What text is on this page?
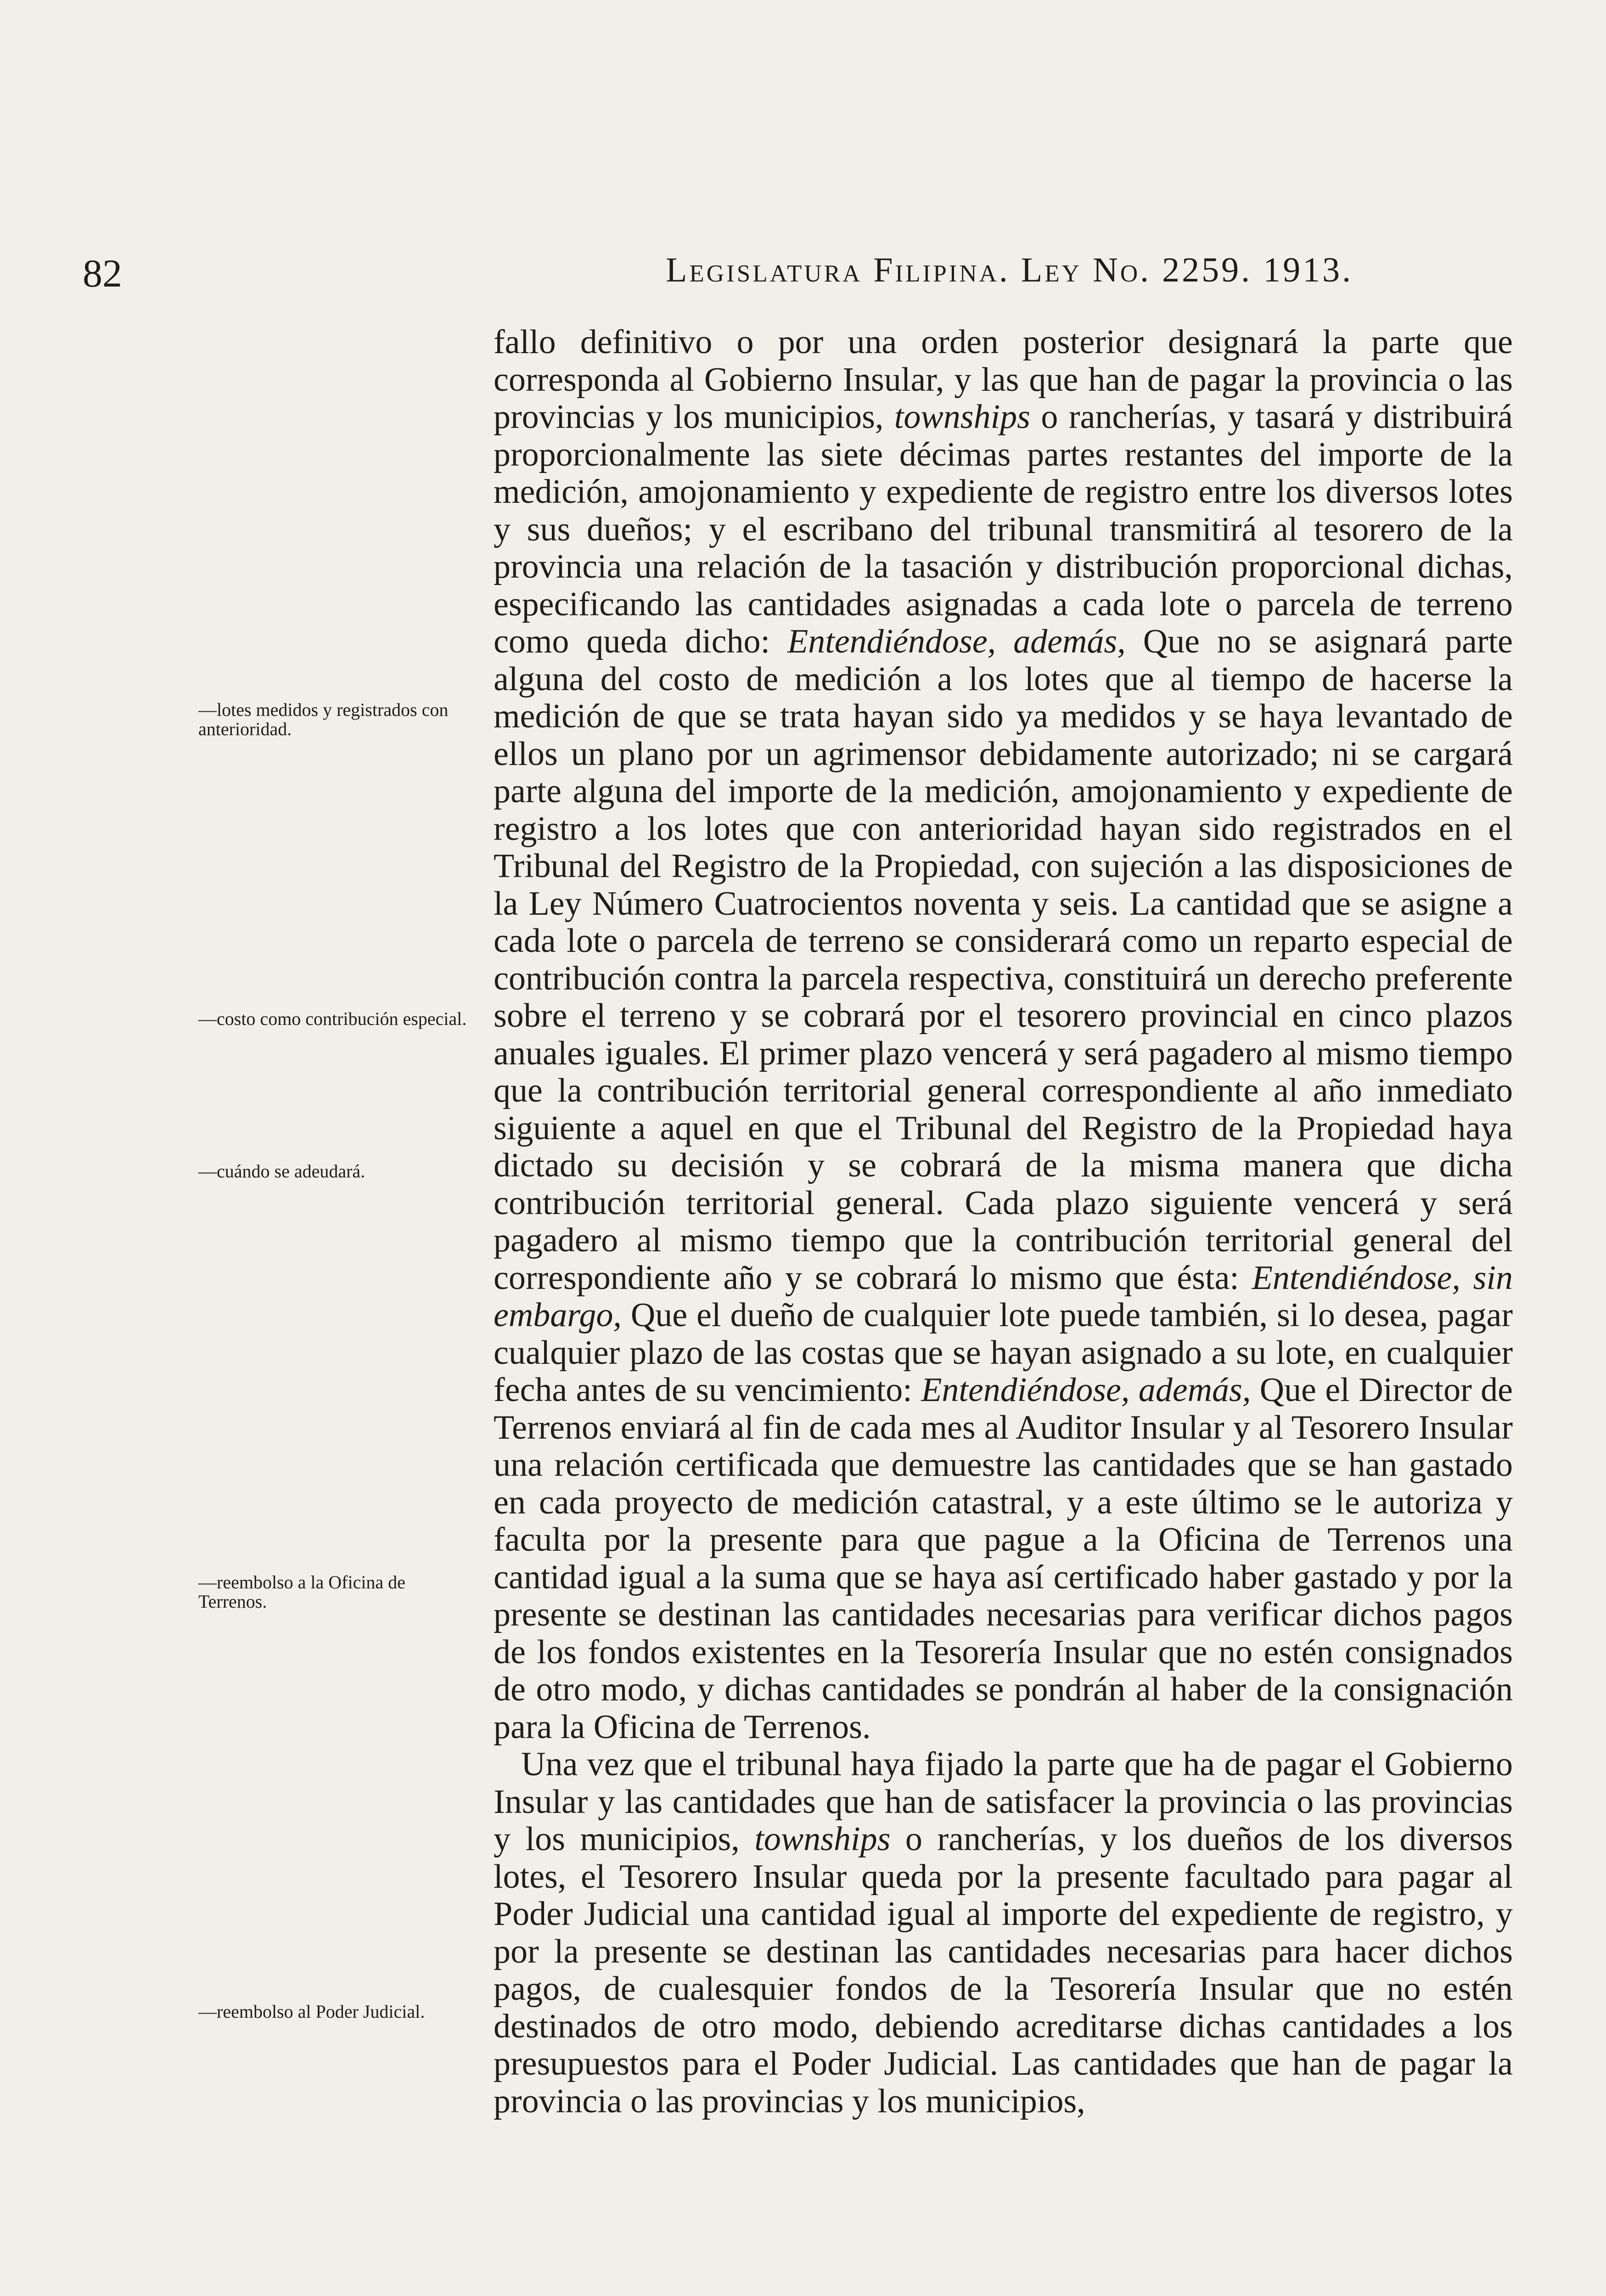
82	Legislatura Filipina. Ley No. 2259. 1913.
—lotes medidos y registrados con anterioridad.
—costo como contribución especial.
—cuándo se adeudará.
—reembolso a la Oficina de Terrenos.
—reembolso al Poder Judicial.

fallo definitivo o por una orden posterior designará la parte que corresponda al Gobierno Insular, y las que han de pagar la provincia o las provincias y los municipios, townships o rancherías, y tasará y distribuirá proporcionalmente las siete décimas partes restantes del importe de la medición, amojonamiento y expediente de registro entre los diversos lotes y sus dueños; y el escribano del tribunal transmitirá al tesorero de la provincia una relación de la tasación y distribución proporcional dichas, especificando las cantidades asignadas a cada lote o parcela de terreno como queda dicho: Entendiéndose, además, Que no se asignará parte alguna del costo de medición a los lotes que al tiempo de hacerse la medición de que se trata hayan sido ya medidos y se haya levantado de ellos un plano por un agrimensor debidamente autorizado; ni se cargará parte alguna del importe de la medición, amojonamiento y expediente de registro a los lotes que con anterioridad hayan sido registrados en el Tribunal del Registro de la Propiedad, con sujeción a las disposiciones de la Ley Número Cuatrocientos noventa y seis. La cantidad que se asigne a cada lote o parcela de terreno se considerará como un reparto especial de contribución contra la parcela respectiva, constituirá un derecho preferente sobre el terreno y se cobrará por el tesorero provincial en cinco plazos anuales iguales. El primer plazo vencerá y será pagadero al mismo tiempo que la contribución territorial general correspondiente al año inmediato siguiente a aquel en que el Tribunal del Registro de la Propiedad haya dictado su decisión y se cobrará de la misma manera que dicha contribución territorial general. Cada plazo siguiente vencerá y será pagadero al mismo tiempo que la contribución territorial general del correspondiente año y se cobrará lo mismo que ésta: Entendiéndose, sin embargo, Que el dueño de cualquier lote puede también, si lo desea, pagar cualquier plazo de las costas que se hayan asignado a su lote, en cualquier fecha antes de su vencimiento: Entendiéndose, además, Que el Director de Terrenos enviará al fin de cada mes al Auditor Insular y al Tesorero Insular una relación certificada que demuestre las cantidades que se han gastado en cada proyecto de medición catastral, y a este último se le autoriza y faculta por la presente para que pague a la Oficina de Terrenos una cantidad igual a la suma que se haya así certificado haber gastado y por la presente se destinan las cantidades necesarias para verificar dichos pagos de los fondos existentes en la Tesorería Insular que no estén consignados de otro modo, y dichas cantidades se pondrán al haber de la consignación para la Oficina de Terrenos.

Una vez que el tribunal haya fijado la parte que ha de pagar el Gobierno Insular y las cantidades que han de satisfacer la provincia o las provincias y los municipios, townships o rancherías, y los dueños de los diversos lotes, el Tesorero Insular queda por la presente facultado para pagar al Poder Judicial una cantidad igual al importe del expediente de registro, y por la presente se destinan las cantidades necesarias para hacer dichos pagos, de cualesquier fondos de la Tesorería Insular que no estén destinados de otro modo, debiendo acreditarse dichas cantidades a los presupuestos para el Poder Judicial. Las cantidades que han de pagar la provincia o las provincias y los municipios,
